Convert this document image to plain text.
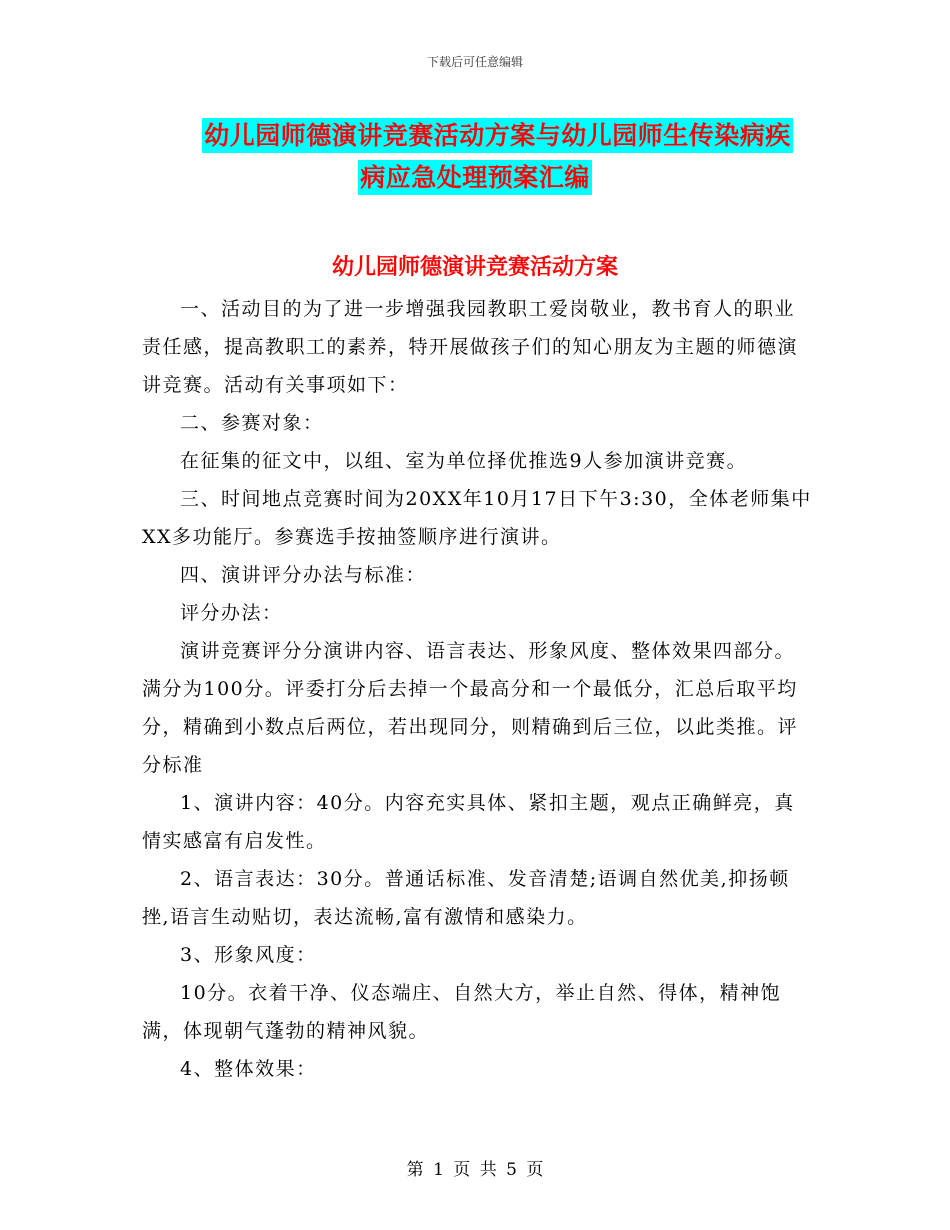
下载后可任意编辑
幼儿园师德演讲竞赛活动方案与幼儿园师生传染病疾
病应急处理预案汇编
幼儿园师德演讲竞赛活动方案

一、活动目的为了进一步增强我园教职工爱岗敬业，教书育人的职业责任感，提高教职工的素养，特开展做孩子们的知心朋友为主题的师德演讲竞赛。活动有关事项如下：

二、参赛对象：

在征集的征文中，以组、室为单位择优推选9人参加演讲竞赛。

三、时间地点竞赛时间为20XX年10月17日下午3:30，全体老师集中XX多功能厅。参赛选手按抽签顺序进行演讲。

四、演讲评分办法与标准：

评分办法：

演讲竞赛评分分演讲内容、语言表达、形象风度、整体效果四部分。满分为100分。评委打分后去掉一个最高分和一个最低分，汇总后取平均分，精确到小数点后两位，若出现同分，则精确到后三位，以此类推。评分标准

1、演讲内容：40分。内容充实具体、紧扣主题，观点正确鲜亮，真情实感富有启发性。

2、语言表达：30分。普通话标准、发音清楚;语调自然优美,抑扬顿挫,语言生动贴切，表达流畅,富有激情和感染力。

3、形象风度：

10分。衣着干净、仪态端庄、自然大方，举止自然、得体，精神饱满，体现朝气蓬勃的精神风貌。

4、整体效果：

第 1 页 共 5 页
